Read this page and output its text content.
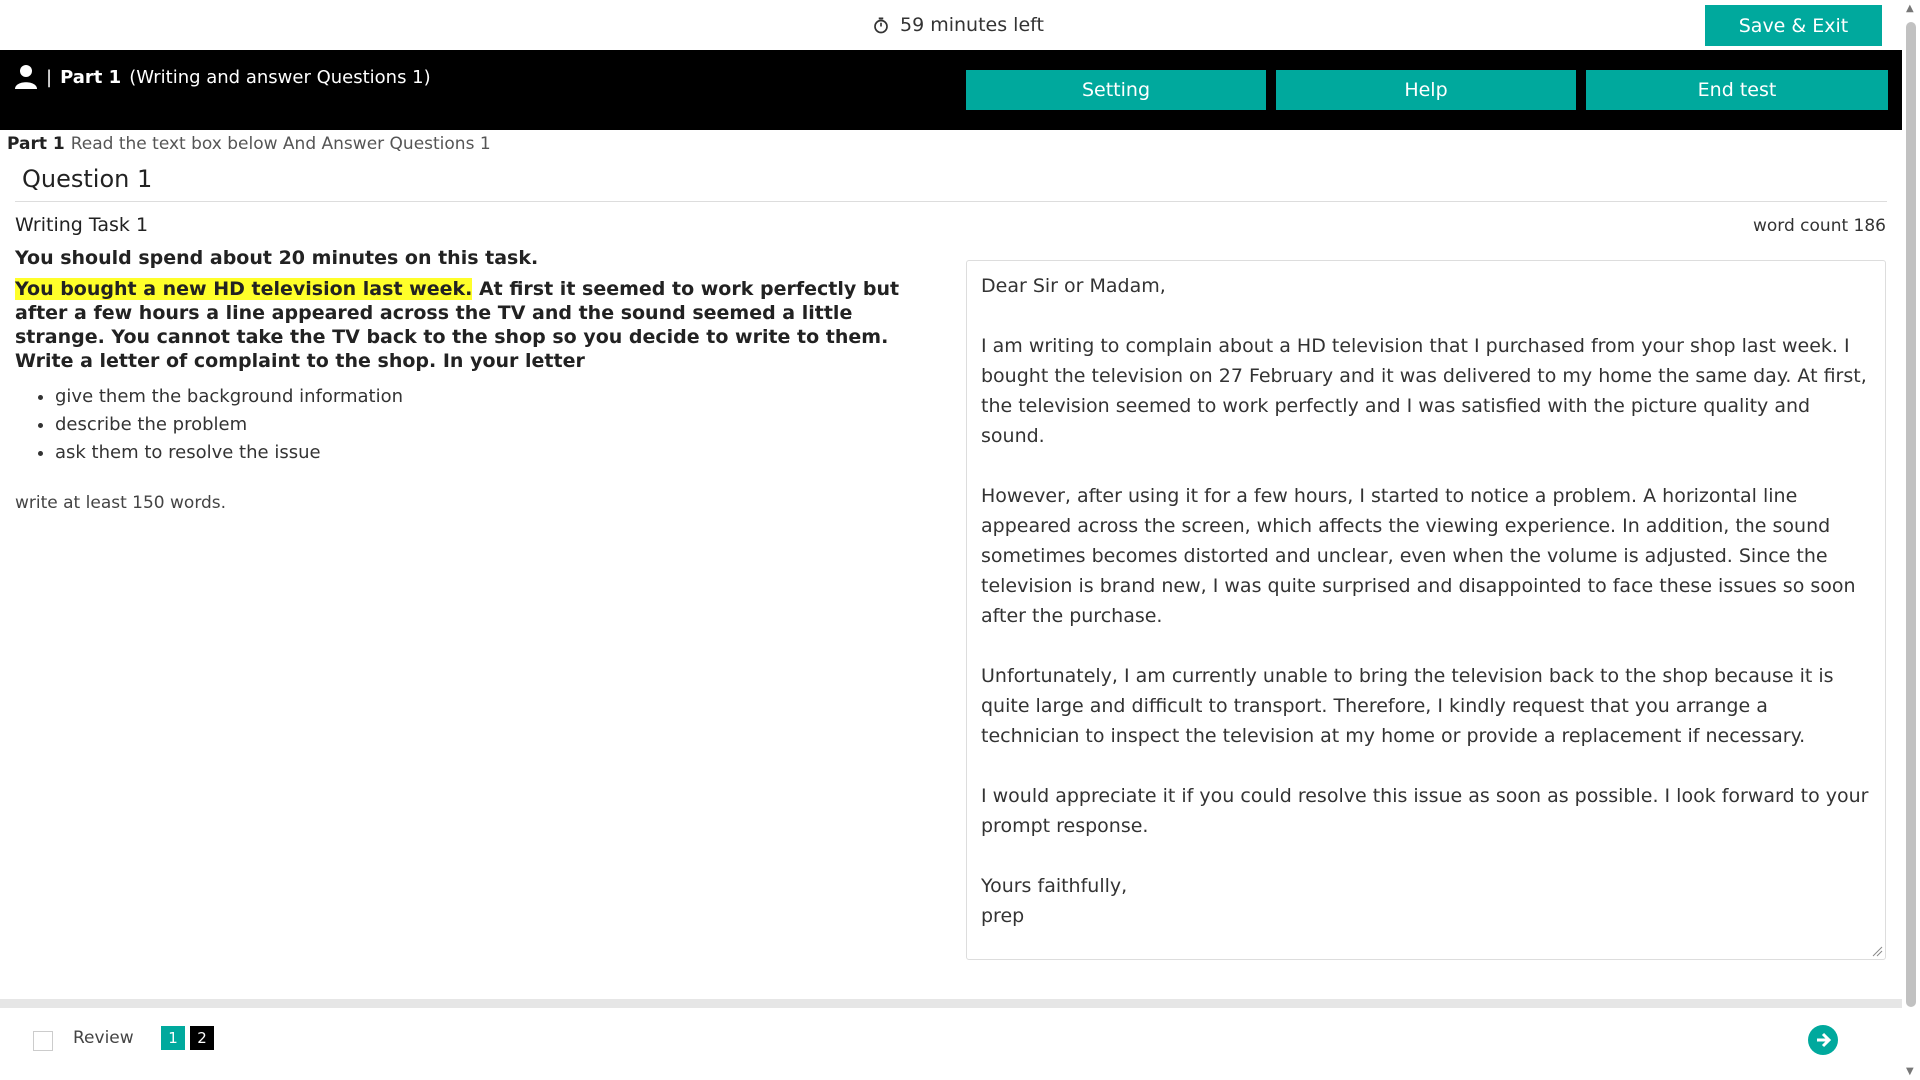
59 minutes left	Save & Exit
| Part 1 (Writing and answer Questions 1)
Setting	Help	End test
Part 1 Read the text box below And Answer Questions 1
Question 1
Writing Task 1	word count 186
You should spend about 20 minutes on this task.
You bought a new HD television last week. At first it seemed to work perfectly but after a few hours a line appeared across the TV and the sound seemed a little strange. You cannot take the TV back to the shop so you decide to write to them. Write a letter of complaint to the shop. In your letter
• give them the background information
• describe the problem
• ask them to resolve the issue
write at least 150 words.

Dear Sir or Madam,

I am writing to complain about a HD television that I purchased from your shop last week. I bought the television on 27 February and it was delivered to my home the same day. At first, the television seemed to work perfectly and I was satisfied with the picture quality and sound.

However, after using it for a few hours, I started to notice a problem. A horizontal line appeared across the screen, which affects the viewing experience. In addition, the sound sometimes becomes distorted and unclear, even when the volume is adjusted. Since the television is brand new, I was quite surprised and disappointed to face these issues so soon after the purchase.

Unfortunately, I am currently unable to bring the television back to the shop because it is quite large and difficult to transport. Therefore, I kindly request that you arrange a technician to inspect the television at my home or provide a replacement if necessary.

I would appreciate it if you could resolve this issue as soon as possible. I look forward to your prompt response.

Yours faithfully,

prep

▲
▼
Review	1	2
